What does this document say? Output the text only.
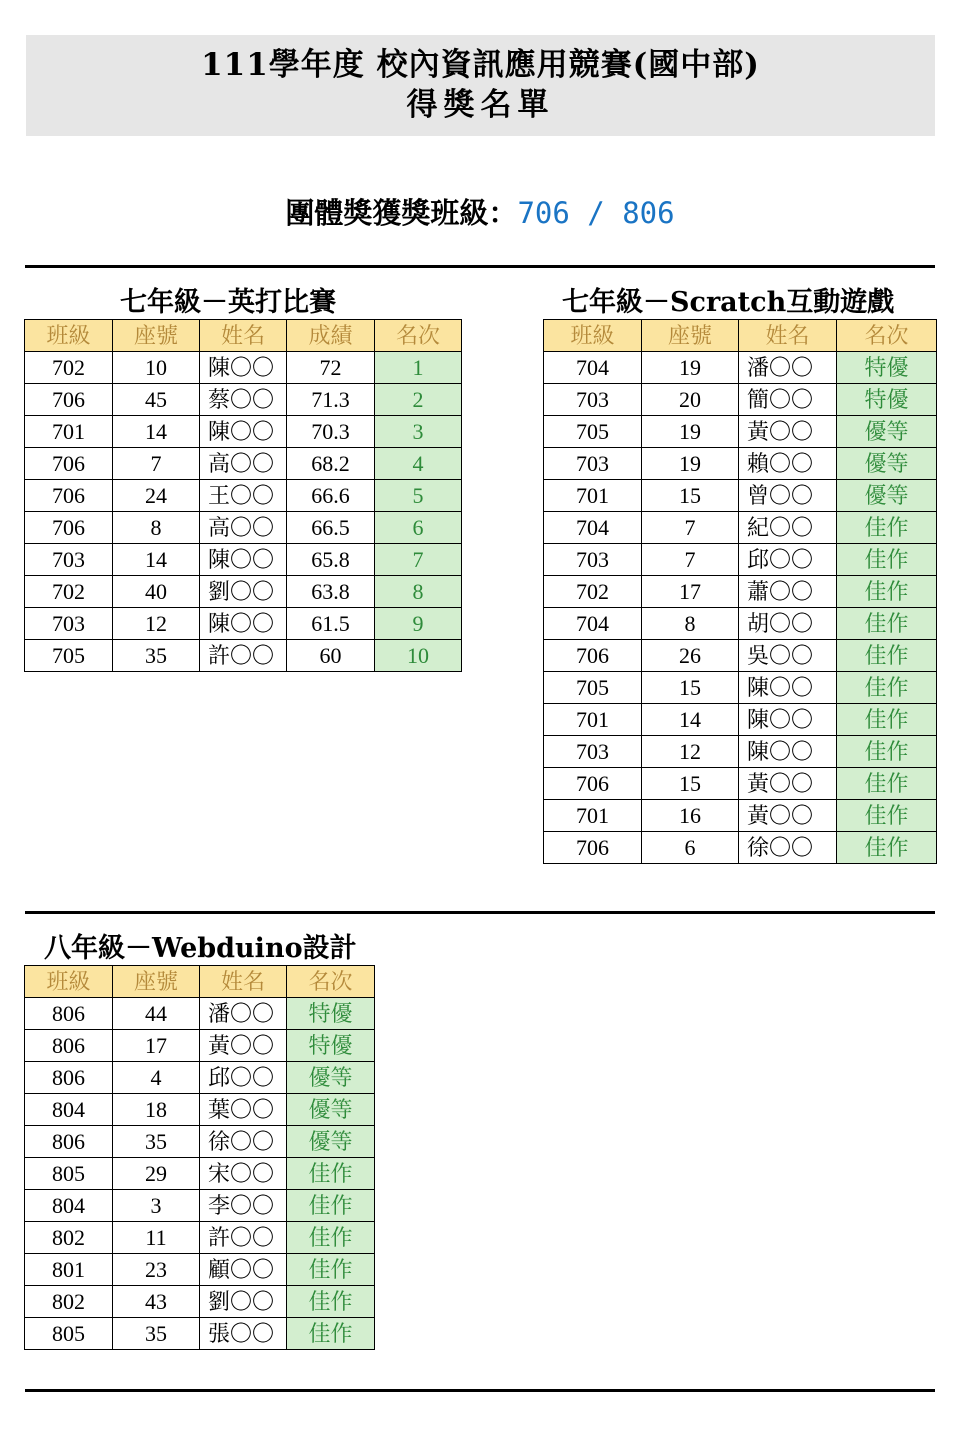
111學年度 校內資訊應用競賽(國中部)
得獎名單
團體獎獲獎班級：706 / 806
七年級－英打比賽
班級	座號	姓名	成績	名次
702	10	陳〇〇	72	1
706	45	蔡〇〇	71.3	2
701	14	陳〇〇	70.3	3
706	7	高〇〇	68.2	4
706	24	王〇〇	66.6	5
706	8	高〇〇	66.5	6
703	14	陳〇〇	65.8	7
702	40	劉〇〇	63.8	8
703	12	陳〇〇	61.5	9
705	35	許〇〇	60	10
七年級－Scratch互動遊戲
班級	座號	姓名	名次
704	19	潘〇〇	特優
703	20	簡〇〇	特優
705	19	黃〇〇	優等
703	19	賴〇〇	優等
701	15	曾〇〇	優等
704	7	紀〇〇	佳作
703	7	邱〇〇	佳作
702	17	蕭〇〇	佳作
704	8	胡〇〇	佳作
706	26	吳〇〇	佳作
705	15	陳〇〇	佳作
701	14	陳〇〇	佳作
703	12	陳〇〇	佳作
706	15	黃〇〇	佳作
701	16	黃〇〇	佳作
706	6	徐〇〇	佳作
八年級－Webduino設計
班級	座號	姓名	名次
806	44	潘〇〇	特優
806	17	黃〇〇	特優
806	4	邱〇〇	優等
804	18	葉〇〇	優等
806	35	徐〇〇	優等
805	29	宋〇〇	佳作
804	3	李〇〇	佳作
802	11	許〇〇	佳作
801	23	顧〇〇	佳作
802	43	劉〇〇	佳作
805	35	張〇〇	佳作
